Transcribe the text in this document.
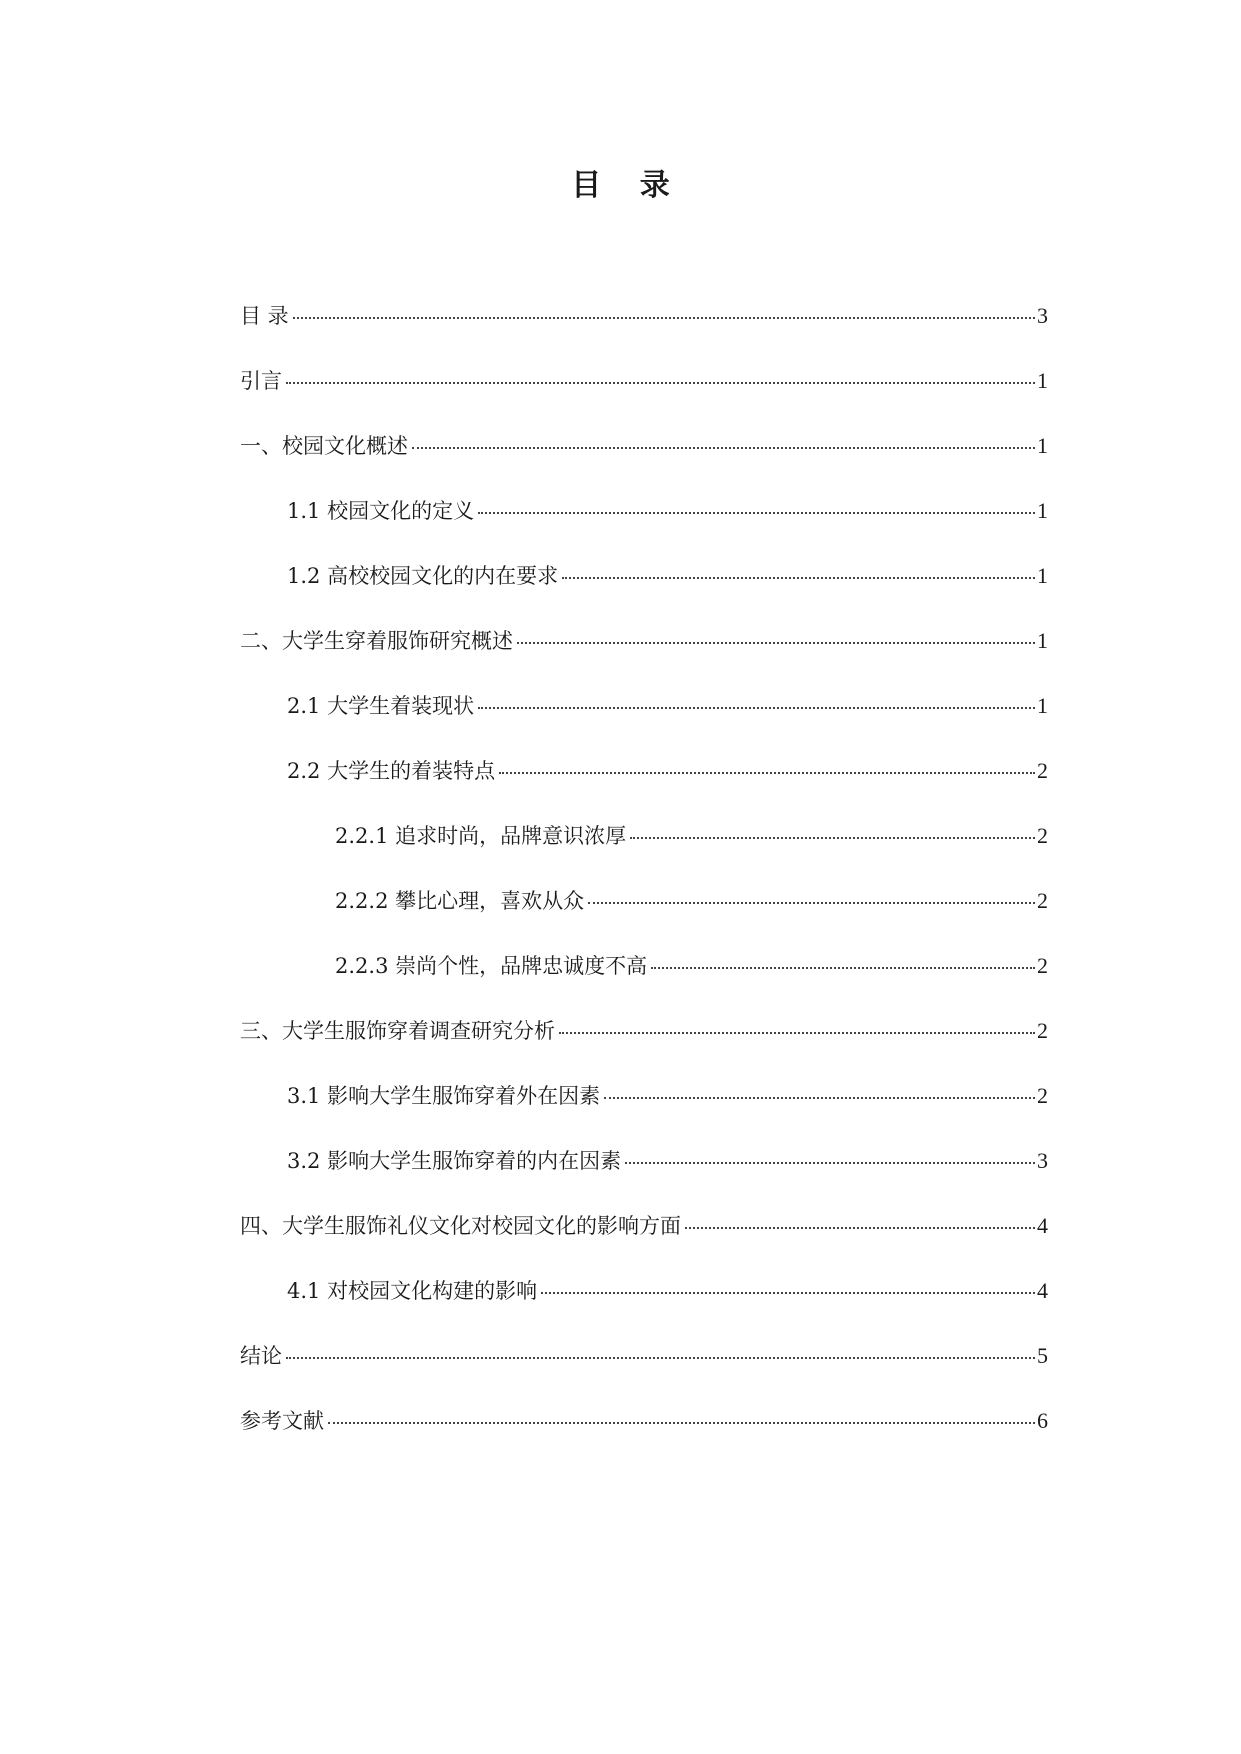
目 录
目 录	3
引言	1
一、校园文化概述	1
1.1 校园文化的定义	1
1.2 高校校园文化的内在要求	1
二、大学生穿着服饰研究概述	1
2.1 大学生着装现状	1
2.2 大学生的着装特点	2
2.2.1 追求时尚，品牌意识浓厚	2
2.2.2 攀比心理，喜欢从众	2
2.2.3 崇尚个性，品牌忠诚度不高	2
三、大学生服饰穿着调查研究分析	2
3.1 影响大学生服饰穿着外在因素	2
3.2 影响大学生服饰穿着的内在因素	3
四、大学生服饰礼仪文化对校园文化的影响方面	4
4.1 对校园文化构建的影响	4
结论	5
参考文献	6
